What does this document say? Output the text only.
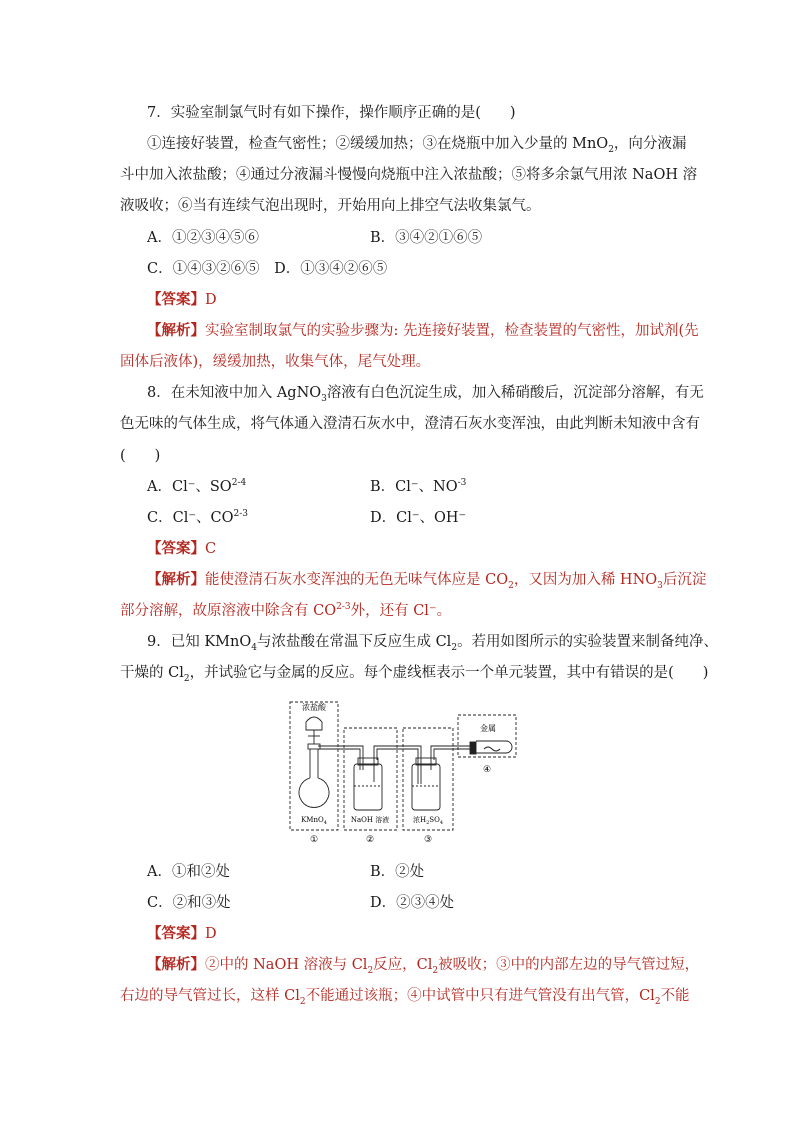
7．实验室制氯气时有如下操作，操作顺序正确的是(　　)
①连接好装置，检查气密性；②缓缓加热；③在烧瓶中加入少量的 MnO$_2$，向分液漏
斗中加入浓盐酸；④通过分液漏斗慢慢向烧瓶中注入浓盐酸；⑤将多余氯气用浓 NaOH 溶
液吸收；⑥当有连续气泡出现时，开始用向上排空气法收集氯气。
A．①②③④⑤⑥	B．③④②①⑥⑤
C．①④③②⑥⑤　D．①③④②⑥⑤
【答案】D
【解析】实验室制取氯气的实验步骤为: 先连接好装置，检查装置的气密性，加试剂(先
固体后液体)，缓缓加热，收集气体，尾气处理。
8．在未知液中加入 AgNO$_3$溶液有白色沉淀生成，加入稀硝酸后，沉淀部分溶解，有无
色无味的气体生成，将气体通入澄清石灰水中，澄清石灰水变浑浊，由此判断未知液中含有
(　　)
A．Cl⁻、SO$^{2-4}$	B．Cl⁻、$NO^{-3}$
C．Cl⁻、CO$^{2-3}$	D．Cl⁻、OH⁻
【答案】C
【解析】能使澄清石灰水变浑浊的无色无味气体应是 $CO_2$，又因为加入稀 $HNO_3$后沉淀
部分溶解，故原溶液中除含有 CO$^{2-3}$外，还有 Cl⁻。
9．已知 KMnO$_4$与浓盐酸在常温下反应生成 $Cl_2$。若用如图所示的实验装置来制备纯净、
干燥的 $Cl_2$，并试验它与金属的反应。每个虚线框表示一个单元装置，其中有错误的是(　　)
浓盐酸
KMnO$_4$	NaOH 溶液	浓$H_2SO_4$
金属
①	②	③
④
A．①和②处	B．②处
C．②和③处	D．②③④处
【答案】D
【解析】②中的 NaOH 溶液与 $Cl_2$反应，$Cl_2$被吸收；③中的内部左边的导气管过短，
右边的导气管过长，这样 $Cl_2$不能通过该瓶；④中试管中只有进气管没有出气管，$Cl_2$不能
